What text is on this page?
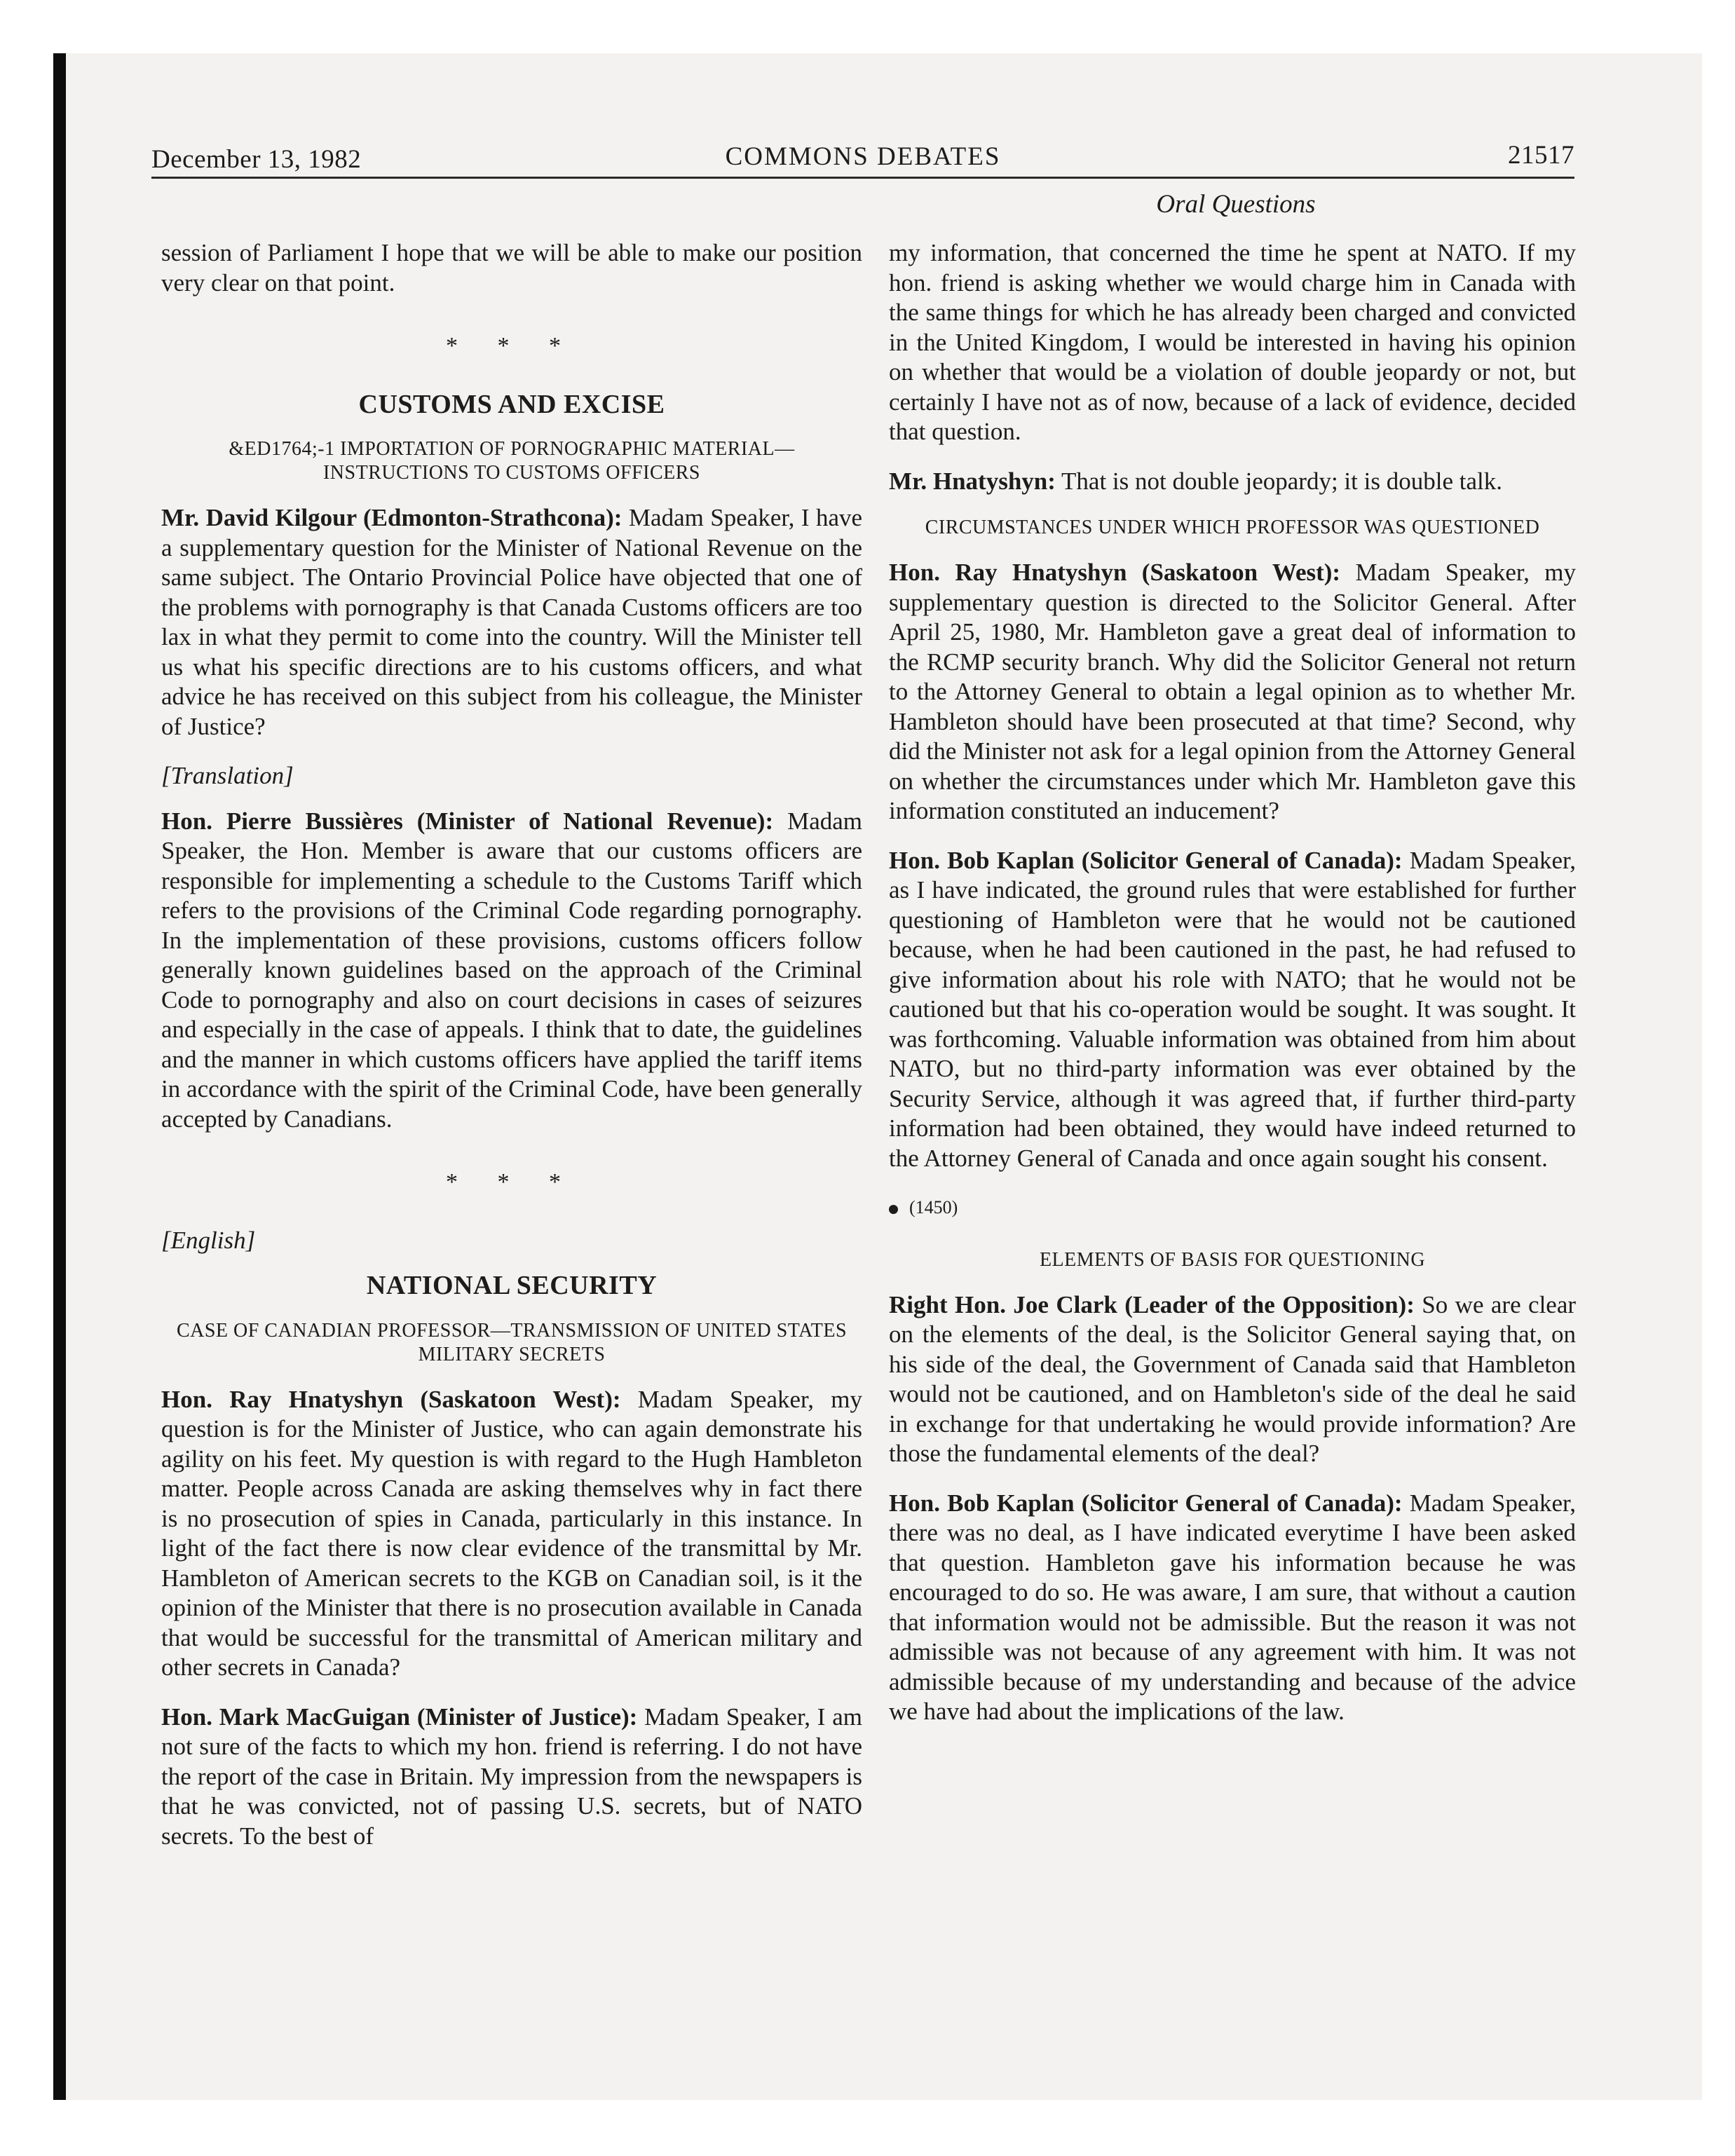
December 13, 1982	COMMONS DEBATES	21517
Oral Questions

session of Parliament I hope that we will be able to make our position very clear on that point.

* * *
CUSTOMS AND EXCISE
&ED1764;-1 IMPORTATION OF PORNOGRAPHIC MATERIAL— INSTRUCTIONS TO CUSTOMS OFFICERS

Mr. David Kilgour (Edmonton-Strathcona): Madam Speaker, I have a supplementary question for the Minister of National Revenue on the same subject. The Ontario Provincial Police have objected that one of the problems with pornography is that Canada Customs officers are too lax in what they permit to come into the country. Will the Minister tell us what his specific directions are to his customs officers, and what advice he has received on this subject from his colleague, the Minister of Justice?

[Translation]

Hon. Pierre Bussières (Minister of National Revenue): Madam Speaker, the Hon. Member is aware that our customs officers are responsible for implementing a schedule to the Customs Tariff which refers to the provisions of the Criminal Code regarding pornography. In the implementation of these provisions, customs officers follow generally known guidelines based on the approach of the Criminal Code to pornography and also on court decisions in cases of seizures and especially in the case of appeals. I think that to date, the guidelines and the manner in which customs officers have applied the tariff items in accordance with the spirit of the Criminal Code, have been generally accepted by Canadians.

* * *
[English]
NATIONAL SECURITY
CASE OF CANADIAN PROFESSOR—TRANSMISSION OF UNITED STATES MILITARY SECRETS

Hon. Ray Hnatyshyn (Saskatoon West): Madam Speaker, my question is for the Minister of Justice, who can again demonstrate his agility on his feet. My question is with regard to the Hugh Hambleton matter. People across Canada are asking themselves why in fact there is no prosecution of spies in Canada, particularly in this instance. In light of the fact there is now clear evidence of the transmittal by Mr. Hambleton of American secrets to the KGB on Canadian soil, is it the opinion of the Minister that there is no prosecution available in Canada that would be successful for the transmittal of American military and other secrets in Canada?

Hon. Mark MacGuigan (Minister of Justice): Madam Speaker, I am not sure of the facts to which my hon. friend is referring. I do not have the report of the case in Britain. My impression from the newspapers is that he was convicted, not of passing U.S. secrets, but of NATO secrets. To the best of

my information, that concerned the time he spent at NATO. If my hon. friend is asking whether we would charge him in Canada with the same things for which he has already been charged and convicted in the United Kingdom, I would be interested in having his opinion on whether that would be a violation of double jeopardy or not, but certainly I have not as of now, because of a lack of evidence, decided that question.

Mr. Hnatyshyn: That is not double jeopardy; it is double talk.

CIRCUMSTANCES UNDER WHICH PROFESSOR WAS QUESTIONED

Hon. Ray Hnatyshyn (Saskatoon West): Madam Speaker, my supplementary question is directed to the Solicitor General. After April 25, 1980, Mr. Hambleton gave a great deal of information to the RCMP security branch. Why did the Solicitor General not return to the Attorney General to obtain a legal opinion as to whether Mr. Hambleton should have been prosecuted at that time? Second, why did the Minister not ask for a legal opinion from the Attorney General on whether the circumstances under which Mr. Hambleton gave this information constituted an inducement?

Hon. Bob Kaplan (Solicitor General of Canada): Madam Speaker, as I have indicated, the ground rules that were established for further questioning of Hambleton were that he would not be cautioned because, when he had been cautioned in the past, he had refused to give information about his role with NATO; that he would not be cautioned but that his co-operation would be sought. It was sought. It was forthcoming. Valuable information was obtained from him about NATO, but no third-party information was ever obtained by the Security Service, although it was agreed that, if further third-party information had been obtained, they would have indeed returned to the Attorney General of Canada and once again sought his consent.

(1450)
ELEMENTS OF BASIS FOR QUESTIONING

Right Hon. Joe Clark (Leader of the Opposition): So we are clear on the elements of the deal, is the Solicitor General saying that, on his side of the deal, the Government of Canada said that Hambleton would not be cautioned, and on Hambleton's side of the deal he said in exchange for that undertaking he would provide information? Are those the fundamental elements of the deal?

Hon. Bob Kaplan (Solicitor General of Canada): Madam Speaker, there was no deal, as I have indicated everytime I have been asked that question. Hambleton gave his information because he was encouraged to do so. He was aware, I am sure, that without a caution that information would not be admissible. But the reason it was not admissible was not because of any agreement with him. It was not admissible because of my understanding and because of the advice we have had about the implications of the law.
